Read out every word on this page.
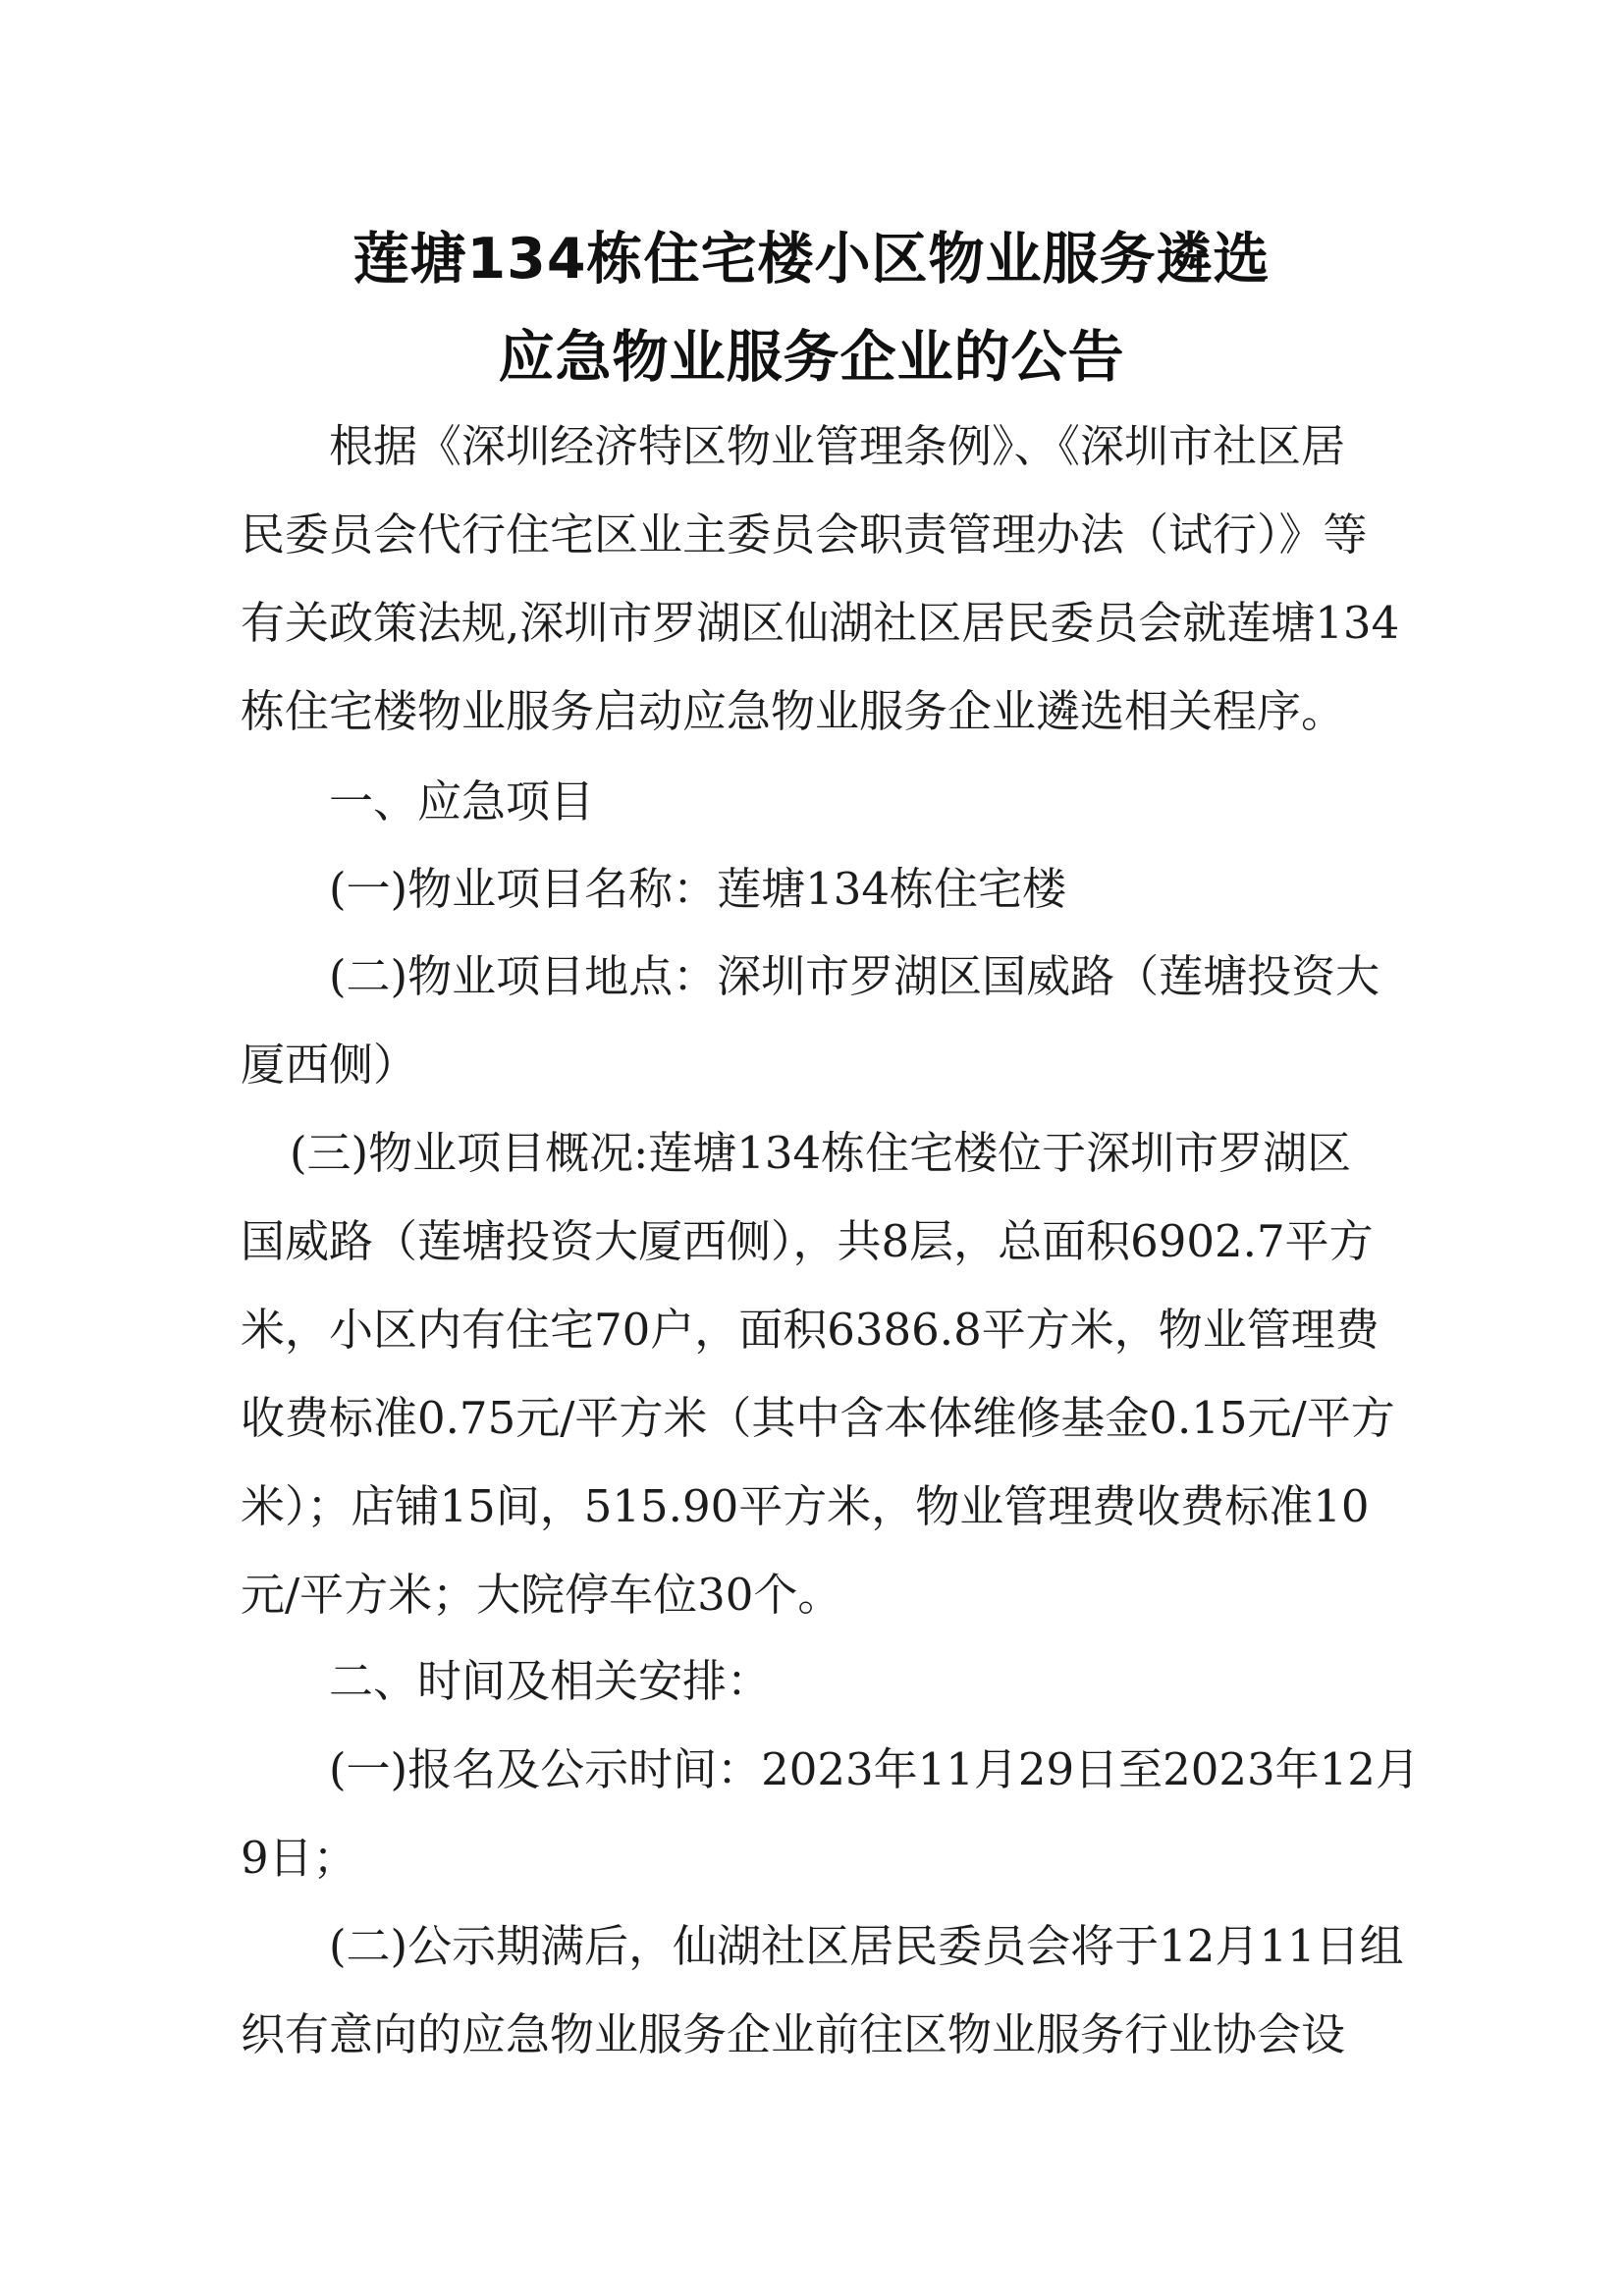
莲塘134栋住宅楼小区物业服务遴选
应急物业服务企业的公告
根据《深圳经济特区物业管理条例》、《深圳市社区居
民委员会代行住宅区业主委员会职责管理办法（试行）》等
有关政策法规,深圳市罗湖区仙湖社区居民委员会就莲塘134
栋住宅楼物业服务启动应急物业服务企业遴选相关程序。
一、应急项目
(一)物业项目名称：莲塘134栋住宅楼
(二)物业项目地点：深圳市罗湖区国威路（莲塘投资大
厦西侧）
(三)物业项目概况:莲塘134栋住宅楼位于深圳市罗湖区
国威路（莲塘投资大厦西侧），共8层，总面积6902.7平方
米，小区内有住宅70户，面积6386.8平方米，物业管理费
收费标准0.75元/平方米（其中含本体维修基金0.15元/平方
米）；店铺15间，515.90平方米，物业管理费收费标准10
元/平方米；大院停车位30个。
二、时间及相关安排：
(一)报名及公示时间：2023年11月29日至2023年12月
9日；
(二)公示期满后，仙湖社区居民委员会将于12月11日组
织有意向的应急物业服务企业前往区物业服务行业协会设
